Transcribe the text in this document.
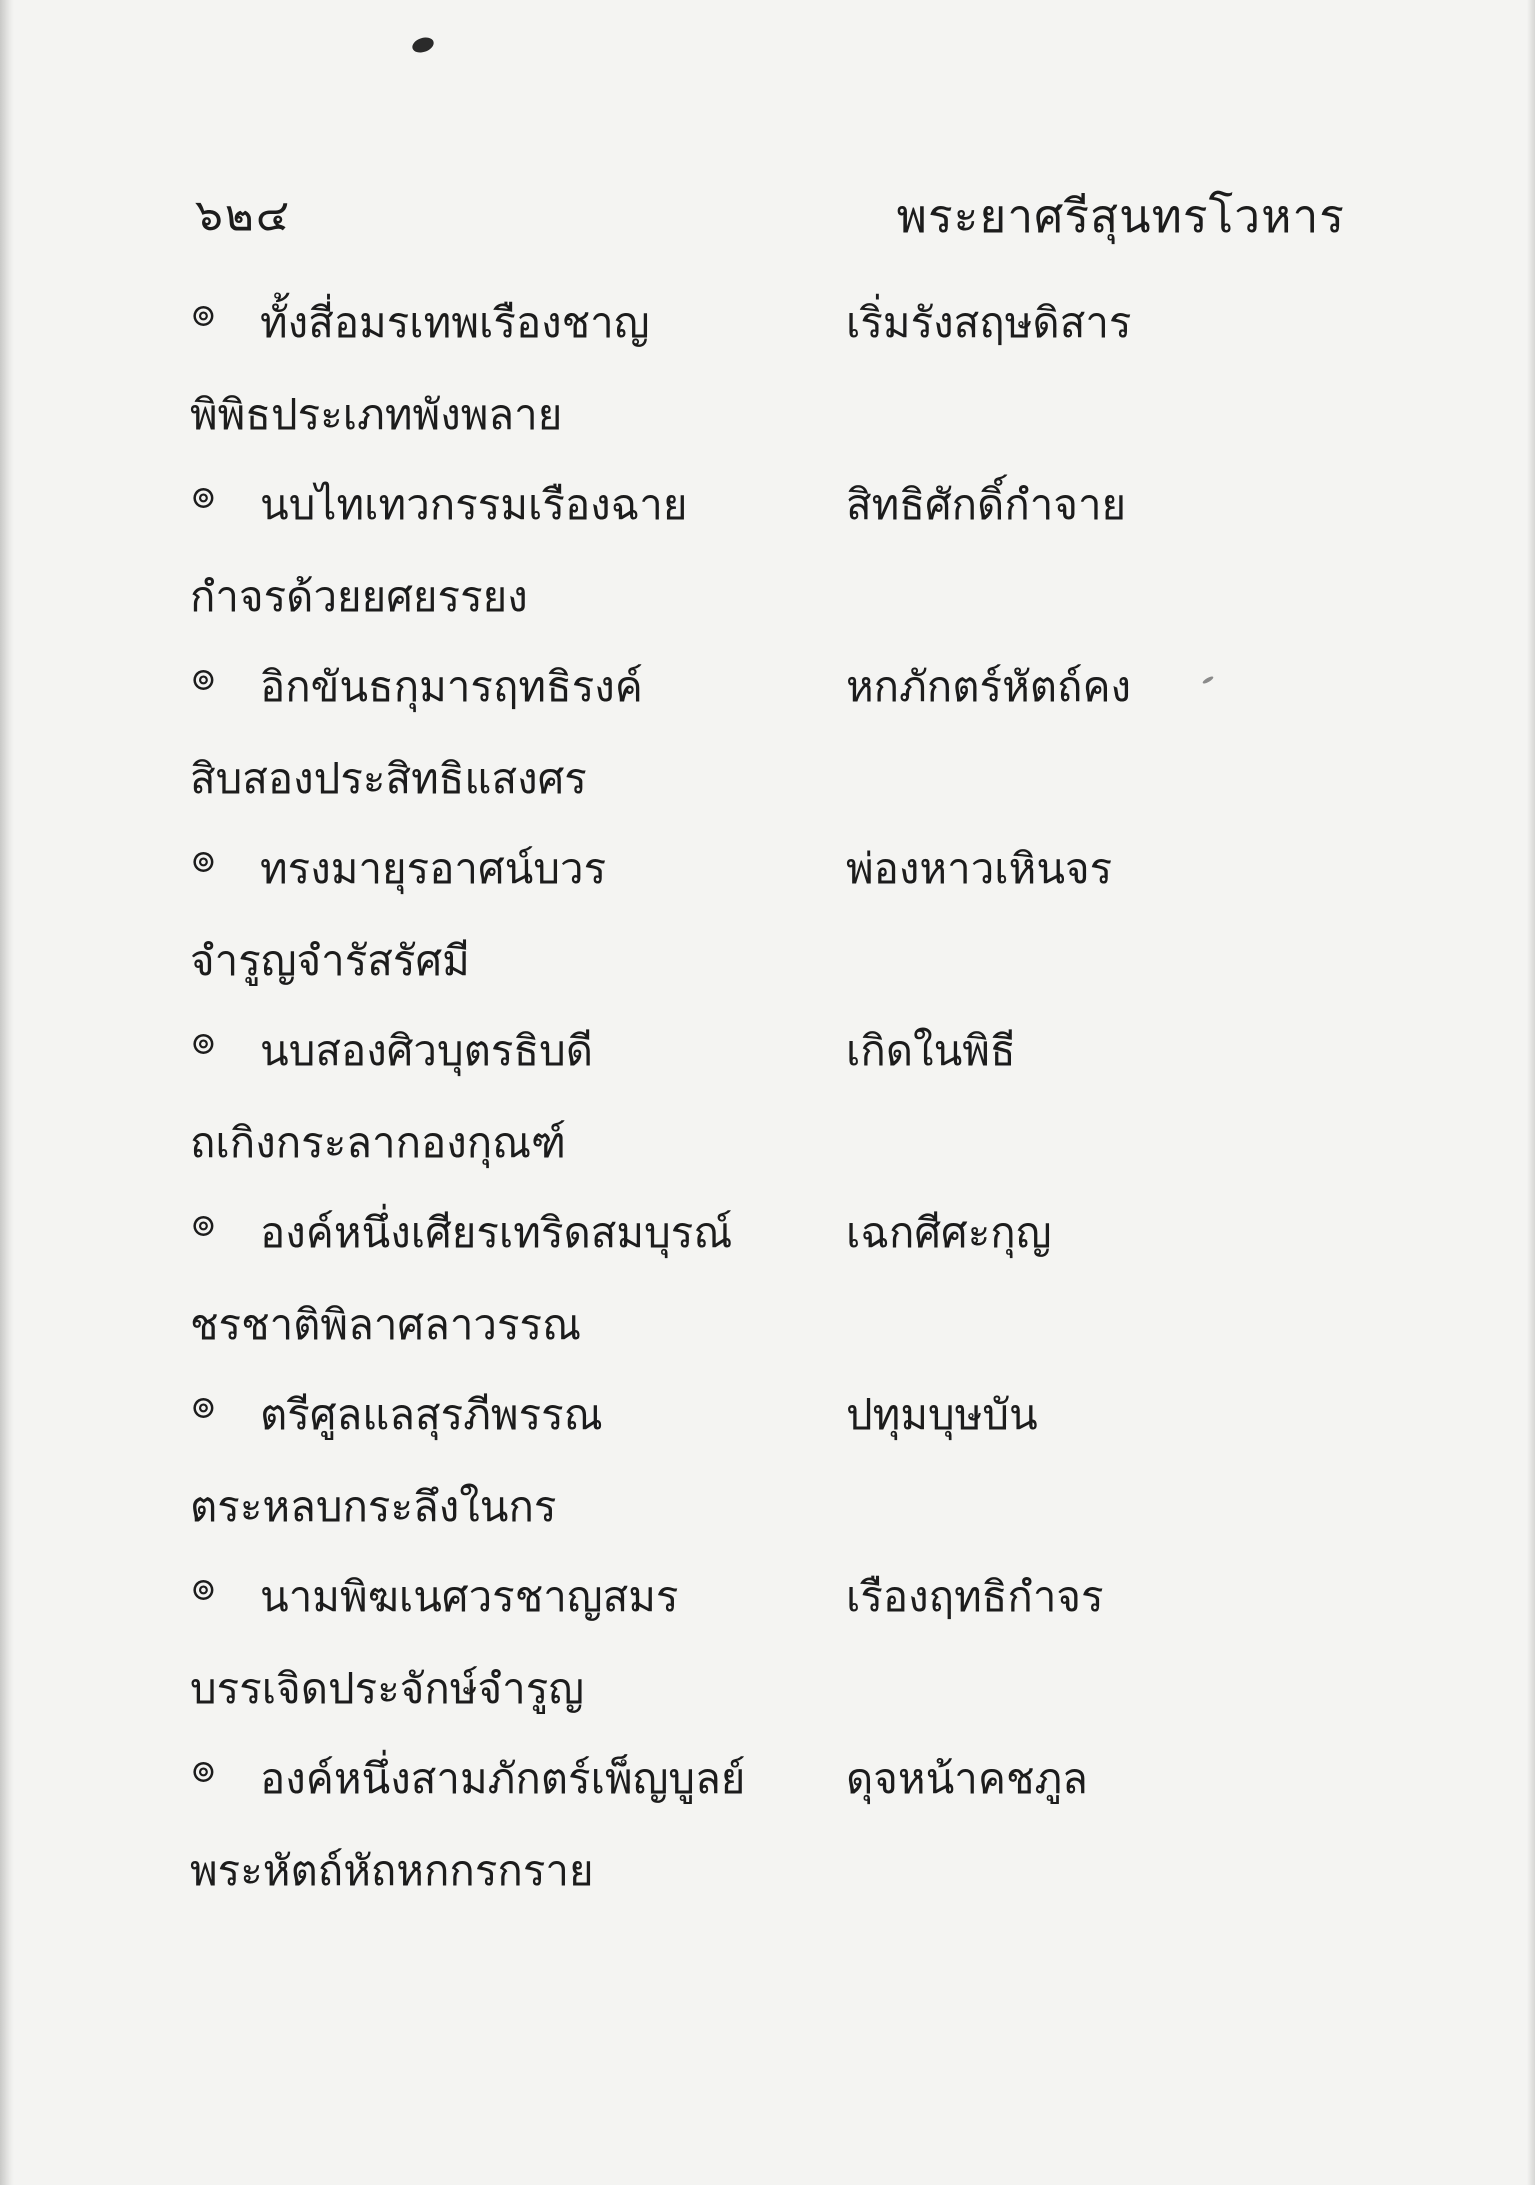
๖๒๔	พระยาศรีสุนทรโวหาร
⊚ ทั้งสี่อมรเทพเรืองชาญ	เริ่มรังสฤษดิสาร
พิพิธประเภทพังพลาย
⊚ นบไทเทวกรรมเรืองฉาย	สิทธิศักดิ์กำจาย
กำจรด้วยยศยรรยง
⊚ อิกขันธกุมารฤทธิรงค์	หกภักตร์หัตถ์คง
สิบสองประสิทธิแสงศร
⊚ ทรงมายุรอาศน์บวร	พ่องหาวเหินจร
จำรูญจำรัสรัศมี
⊚ นบสองศิวบุตรธิบดี	เกิดในพิธี
ถเกิงกระลากองกุณฑ์
⊚ องค์หนึ่งเศียรเทริดสมบุรณ์	เฉกศีศะกุญ
ชรชาติพิลาศลาวรรณ
⊚ ตรีศูลแลสุรภีพรรณ	ปทุมบุษบัน
ตระหลบกระลึงในกร
⊚ นามพิฆเนศวรชาญสมร	เรืองฤทธิกำจร
บรรเจิดประจักษ์จำรูญ
⊚ องค์หนึ่งสามภักตร์เพ็ญบูลย์ ดุจหน้าคชภูล
พระหัตถ์หัถหกกรกราย
